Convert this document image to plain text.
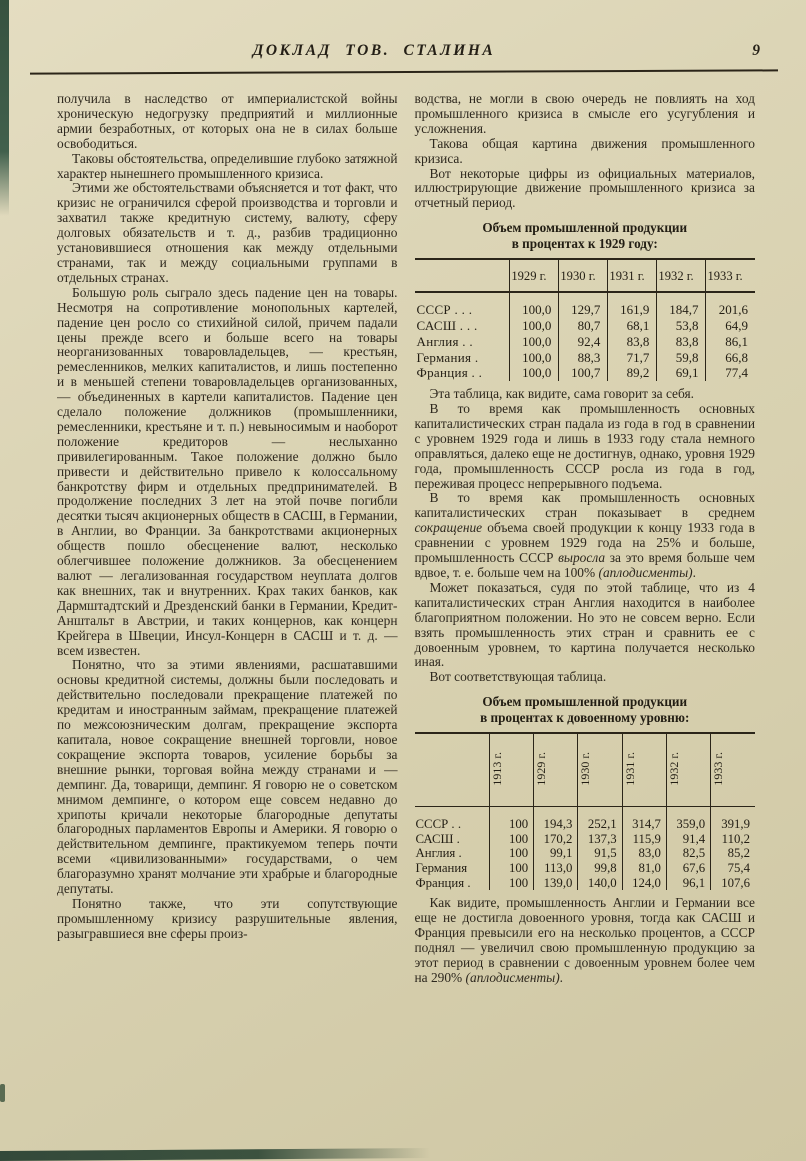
ДОКЛАД ТОВ. СТАЛИНА	9

получила в наследство от империалистской войны хроническую недогрузку предприятий и миллионные армии безработных, от которых она не в силах больше освободиться.

Таковы обстоятельства, определившие глубоко затяжной характер нынешнего промышленного кризиса.

Этими же обстоятельствами объясняется и тот факт, что кризис не ограничился сферой производства и торговли и захватил также кредитную систему, валюту, сферу долговых обязательств и т. д., разбив традиционно установившиеся отношения как между отдельными странами, так и между социальными группами в отдельных странах.

Большую роль сыграло здесь падение цен на товары. Несмотря на сопротивление монопольных картелей, падение цен росло со стихийной силой, причем падали цены прежде всего и больше всего на товары неорганизованных товаровладельцев, — крестьян, ремесленников, мелких капиталистов, и лишь постепенно и в меньшей степени товаровладельцев организованных, — объединенных в картели капиталистов. Падение цен сделало положение должников (промышленники, ремесленники, крестьяне и т. п.) невыносимым и наоборот положение кредиторов — неслыханно привилегированным. Такое положение должно было привести и действительно привело к колоссальному банкротству фирм и отдельных предпринимателей. В продолжение последних 3 лет на этой почве погибли десятки тысяч акционерных обществ в САСШ, в Германии, в Англии, во Франции. За банкротствами акционерных обществ пошло обесценение валют, несколько облегчившее положение должников. За обесценением валют — легализованная государством неуплата долгов как внешних, так и внутренних. Крах таких банков, как Дармштадтский и Дрезденский банки в Германии, Кредит-Анштальт в Австрии, и таких концернов, как концерн Крейгера в Швеции, Инсул-Концерн в САСШ и т. д. — всем известен.

Понятно, что за этими явлениями, расшатавшими основы кредитной системы, должны были последовать и действительно последовали прекращение платежей по кредитам и иностранным займам, прекращение платежей по межсоюзническим долгам, прекращение экспорта капитала, новое сокращение внешней торговли, новое сокращение экспорта товаров, усиление борьбы за внешние рынки, торговая война между странами и — демпинг. Да, товарищи, демпинг. Я говорю не о советском мнимом демпинге, о котором еще совсем недавно до хрипоты кричали некоторые благородные депутаты благородных парламентов Европы и Америки. Я говорю о действительном демпинге, практикуемом теперь почти всеми «цивилизованными» государствами, о чем благоразумно хранят молчание эти храбрые и благородные депутаты.

Понятно также, что эти сопутствующие промышленному кризису разрушительные явления, разыгравшиеся вне сферы произ-

водства, не могли в свою очередь не повлиять на ход промышленного кризиса в смысле его усугубления и усложнения.

Такова общая картина движения промышленного кризиса.

Вот некоторые цифры из официальных материалов, иллюстрирующие движение промышленного кризиса за отчетный период.

Объем промышленной продукции
в процентах к 1929 году:
	1929 г.	1930 г.	1931 г.	1932 г.	1933 г.
СССР . . .	100,0	129,7	161,9	184,7	201,6
САСШ . . .	100,0	80,7	68,1	53,8	64,9
Англия . .	100,0	92,4	83,8	83,8	86,1
Германия .	100,0	88,3	71,7	59,8	66,8
Франция . .	100,0	100,7	89,2	69,1	77,4

Эта таблица, как видите, сама говорит за себя.

В то время как промышленность основных капиталистических стран падала из года в год в сравнении с уровнем 1929 года и лишь в 1933 году стала немного оправляться, далеко еще не достигнув, однако, уровня 1929 года, промышленность СССР росла из года в год, переживая процесс непрерывного подъема.

В то время как промышленность основных капиталистических стран показывает в среднем сокращение объема своей продукции к концу 1933 года в сравнении с уровнем 1929 года на 25% и больше, промышленность СССР выросла за это время больше чем вдвое, т. е. больше чем на 100% (аплодисменты).

Может показаться, судя по этой таблице, что из 4 капиталистических стран Англия находится в наиболее благоприятном положении. Но это не совсем верно. Если взять промышленность этих стран и сравнить ее с довоенным уровнем, то картина получается несколько иная.

Вот соответствующая таблица.

Объем промышленной продукции
в процентах к довоенному уровню:
	1913 г.	1929 г.	1930 г.	1931 г.	1932 г.	1933 г.
СССР . .	100	194,3	252,1	314,7	359,0	391,9
САСШ .	100	170,2	137,3	115,9	91,4	110,2
Англия .	100	99,1	91,5	83,0	82,5	85,2
Германия	100	113,0	99,8	81,0	67,6	75,4
Франция .	100	139,0	140,0	124,0	96,1	107,6

Как видите, промышленность Англии и Германии все еще не достигла довоенного уровня, тогда как САСШ и Франция превысили его на несколько процентов, а СССР поднял — увеличил свою промышленную продукцию за этот период в сравнении с довоенным уровнем более чем на 290% (аплодисменты).
